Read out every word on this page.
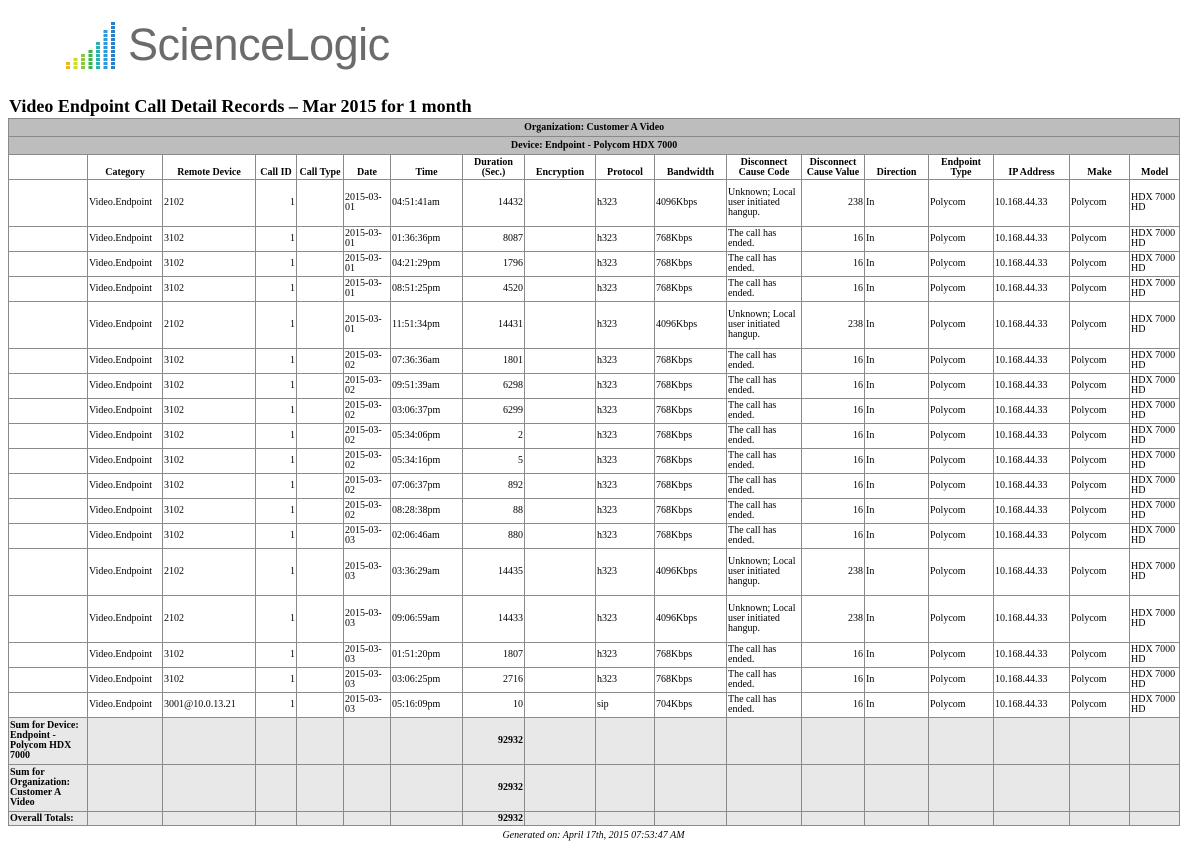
ScienceLogic
Video Endpoint Call Detail Records – Mar 2015 for 1 month
Organization: Customer A Video																	
Device: Endpoint - Polycom HDX 7000																	
	Category	Remote Device	Call ID	Call Type	Date	Time	Duration (Sec.)	Encryption	Protocol	Bandwidth	Disconnect Cause Code	Disconnect Cause Value	Direction	Endpoint Type	IP Address	Make	Model
	Video.Endpoint	2102	1		2015-03-01	04:51:41am	14432		h323	4096Kbps	Unknown; Local user initiated hangup.	238	In	Polycom	10.168.44.33	Polycom	HDX 7000 HD
	Video.Endpoint	3102	1		2015-03-01	01:36:36pm	8087		h323	768Kbps	The call has ended.	16	In	Polycom	10.168.44.33	Polycom	HDX 7000 HD
	Video.Endpoint	3102	1		2015-03-01	04:21:29pm	1796		h323	768Kbps	The call has ended.	16	In	Polycom	10.168.44.33	Polycom	HDX 7000 HD
	Video.Endpoint	3102	1		2015-03-01	08:51:25pm	4520		h323	768Kbps	The call has ended.	16	In	Polycom	10.168.44.33	Polycom	HDX 7000 HD
	Video.Endpoint	2102	1		2015-03-01	11:51:34pm	14431		h323	4096Kbps	Unknown; Local user initiated hangup.	238	In	Polycom	10.168.44.33	Polycom	HDX 7000 HD
	Video.Endpoint	3102	1		2015-03-02	07:36:36am	1801		h323	768Kbps	The call has ended.	16	In	Polycom	10.168.44.33	Polycom	HDX 7000 HD
	Video.Endpoint	3102	1		2015-03-02	09:51:39am	6298		h323	768Kbps	The call has ended.	16	In	Polycom	10.168.44.33	Polycom	HDX 7000 HD
	Video.Endpoint	3102	1		2015-03-02	03:06:37pm	6299		h323	768Kbps	The call has ended.	16	In	Polycom	10.168.44.33	Polycom	HDX 7000 HD
	Video.Endpoint	3102	1		2015-03-02	05:34:06pm	2		h323	768Kbps	The call has ended.	16	In	Polycom	10.168.44.33	Polycom	HDX 7000 HD
	Video.Endpoint	3102	1		2015-03-02	05:34:16pm	5		h323	768Kbps	The call has ended.	16	In	Polycom	10.168.44.33	Polycom	HDX 7000 HD
	Video.Endpoint	3102	1		2015-03-02	07:06:37pm	892		h323	768Kbps	The call has ended.	16	In	Polycom	10.168.44.33	Polycom	HDX 7000 HD
	Video.Endpoint	3102	1		2015-03-02	08:28:38pm	88		h323	768Kbps	The call has ended.	16	In	Polycom	10.168.44.33	Polycom	HDX 7000 HD
	Video.Endpoint	3102	1		2015-03-03	02:06:46am	880		h323	768Kbps	The call has ended.	16	In	Polycom	10.168.44.33	Polycom	HDX 7000 HD
	Video.Endpoint	2102	1		2015-03-03	03:36:29am	14435		h323	4096Kbps	Unknown; Local user initiated hangup.	238	In	Polycom	10.168.44.33	Polycom	HDX 7000 HD
	Video.Endpoint	2102	1		2015-03-03	09:06:59am	14433		h323	4096Kbps	Unknown; Local user initiated hangup.	238	In	Polycom	10.168.44.33	Polycom	HDX 7000 HD
	Video.Endpoint	3102	1		2015-03-03	01:51:20pm	1807		h323	768Kbps	The call has ended.	16	In	Polycom	10.168.44.33	Polycom	HDX 7000 HD
	Video.Endpoint	3102	1		2015-03-03	03:06:25pm	2716		h323	768Kbps	The call has ended.	16	In	Polycom	10.168.44.33	Polycom	HDX 7000 HD
	Video.Endpoint	3001@10.0.13.21	1		2015-03-03	05:16:09pm	10		sip	704Kbps	The call has ended.	16	In	Polycom	10.168.44.33	Polycom	HDX 7000 HD
Sum for Device: Endpoint - Polycom HDX 7000							92932										
Sum for Organization: Customer A Video							92932										
Overall Totals:							92932										
Generated on: April 17th, 2015 07:53:47 AM
